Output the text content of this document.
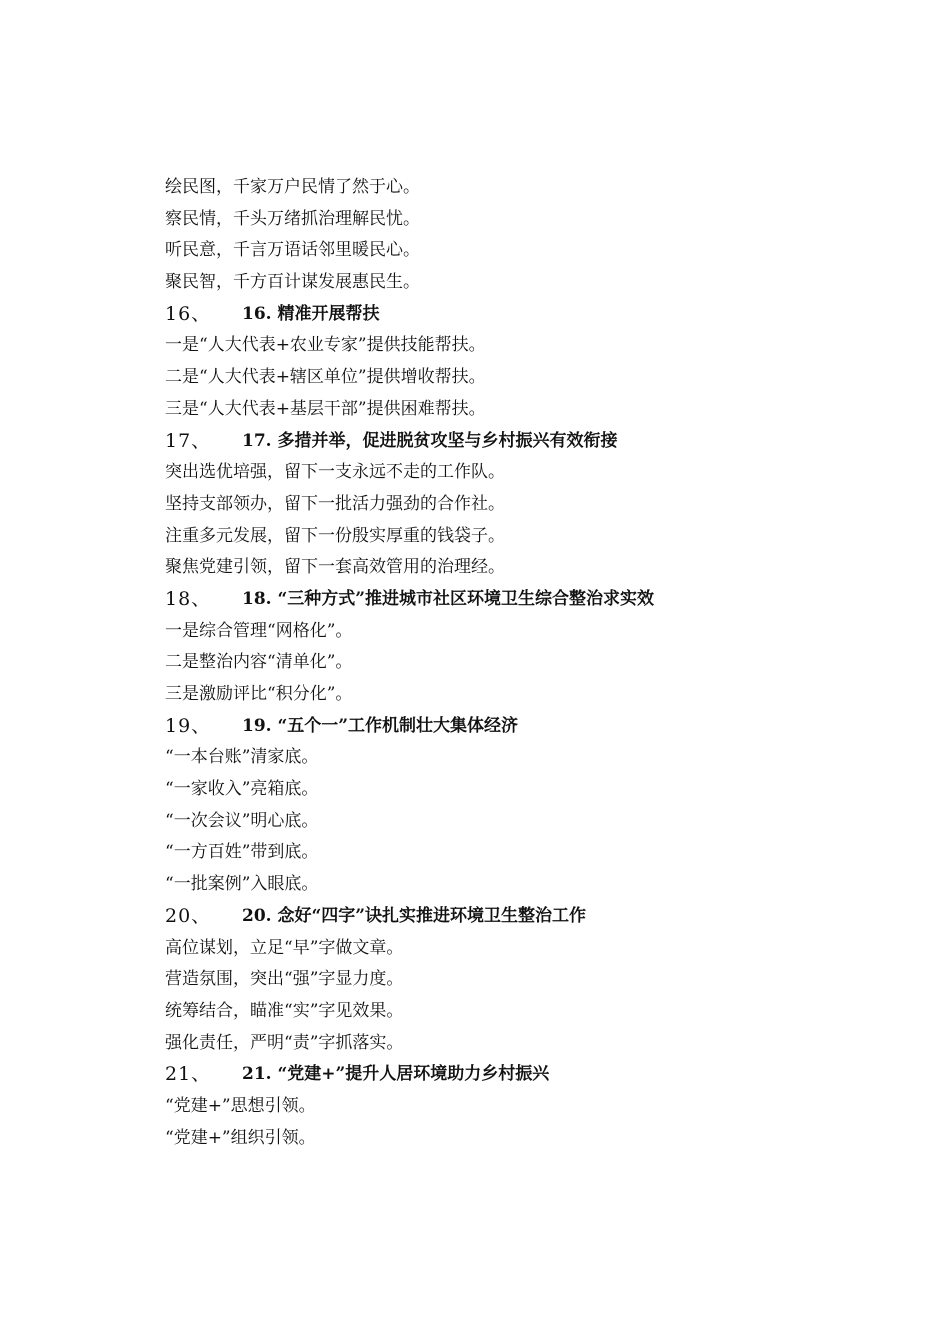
绘民图，千家万户民情了然于心。
察民情，千头万绪抓治理解民忧。
听民意，千言万语话邻里暖民心。
聚民智，千方百计谋发展惠民生。
16、 16. 精准开展帮扶
一是“人大代表+农业专家”提供技能帮扶。
二是“人大代表+辖区单位”提供增收帮扶。
三是“人大代表+基层干部”提供困难帮扶。
17、 17. 多措并举，促进脱贫攻坚与乡村振兴有效衔接
突出选优培强，留下一支永远不走的工作队。
坚持支部领办，留下一批活力强劲的合作社。
注重多元发展，留下一份殷实厚重的钱袋子。
聚焦党建引领，留下一套高效管用的治理经。
18、 18. “三种方式”推进城市社区环境卫生综合整治求实效
一是综合管理“网格化”。
二是整治内容“清单化”。
三是激励评比“积分化”。
19、 19. “五个一”工作机制壮大集体经济
“一本台账”清家底。
“一家收入”亮箱底。
“一次会议”明心底。
“一方百姓”带到底。
“一批案例”入眼底。
20、 20. 念好“四字”诀扎实推进环境卫生整治工作
高位谋划，立足“早”字做文章。
营造氛围，突出“强”字显力度。
统筹结合，瞄准“实”字见效果。
强化责任，严明“责”字抓落实。
21、 21. “党建+”提升人居环境助力乡村振兴
“党建+”思想引领。
“党建+”组织引领。
